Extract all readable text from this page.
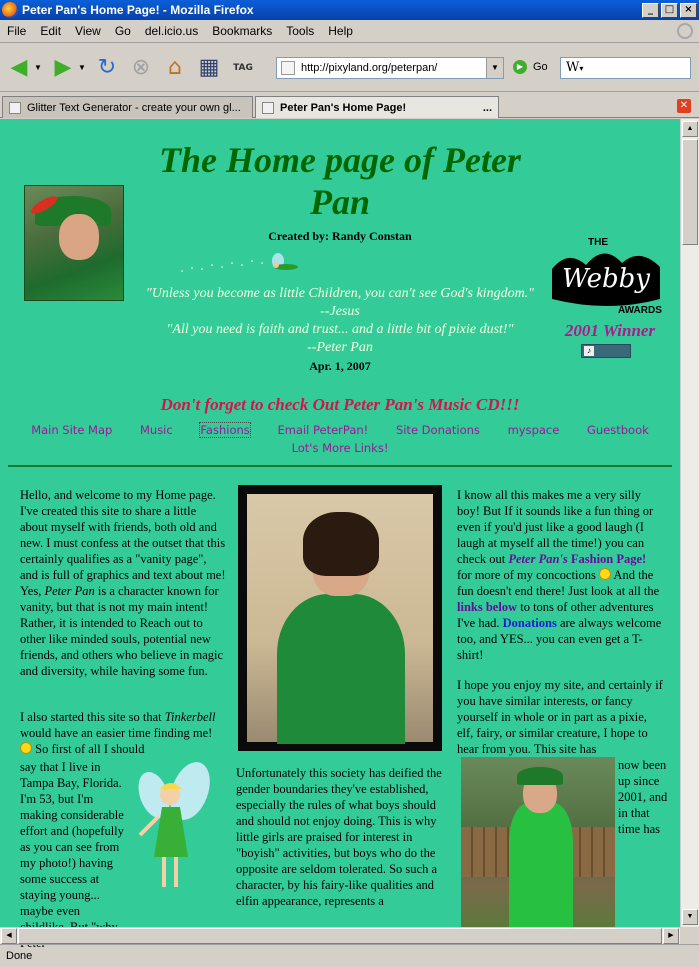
Peter Pan's Home Page! - Mozilla Firefox	_	□	×
File	Edit	View	Go	del.icio.us	Bookmarks	Tools	Help
◀ ▼ ▶ ▼ ↻ ⊗ ⌂ ▦	TAG	http://pixyland.org/peterpan/	▼	▶ Go	W▾
Glitter Text Generator - create your own gl...	Peter Pan's Home Page!	...	✕
The Home page of Peter Pan
Created by: Randy Constan
"Unless you become as little Children, you can't see God's kingdom."
--Jesus
"All you need is faith and trust... and a little bit of pixie dust!"
--Peter Pan
Apr. 1, 2007
THE
Webby
AWARDS
2001 Winner
♪
Don't forget to check Out Peter Pan's Music CD!!!
Main Site Map Music Fashions Email PeterPan! Site Donations myspace Guestbook
Lot's More Links!
Hello, and welcome to my Home page. I've created this site to share a little about myself with friends, both old and new. I must confess at the outset that this certainly qualifies as a "vanity page", and is full of graphics and text about me! Yes, Peter Pan is a character known for vanity, but that is not my main intent! Rather, it is intended to Reach out to other like minded souls, potential new friends, and others who believe in magic and diversity, while having some fun.
I also started this site so that Tinkerbell would have an easier time finding me!  So first of all I should
say that I live in Tampa Bay, Florida. I'm 53, but I'm making considerable effort and (hopefully as you can see from my photo!) having some success at staying young... maybe even
Unfortunately this society has deified the gender boundaries they've established, especially the rules of what boys should and should not enjoy doing. This is why little girls are praised for interest in "boyish" activities, but boys who do the opposite are seldom tolerated. So such a character, by his fairy-like qualities and elfin appearance, represents a
I know all this makes me a very silly boy! But If it sounds like a fun thing or even if you'd just like a good laugh (I laugh at myself all the time!) you can check out Peter Pan's Fashion Page! for more of my concoctions And the fun doesn't end there! Just look at all the links below to tons of other adventures I've had. Donations are always welcome too, and YES... you can even get a T-shirt!
I hope you enjoy my site, and certainly if you have similar interests, or fancy yourself in whole or in part as a pixie, elf, fairy, or similar creature, I hope to hear from you. This site has
now been up since 2001, and in that time has
▲
▼
◀	▶
Done
